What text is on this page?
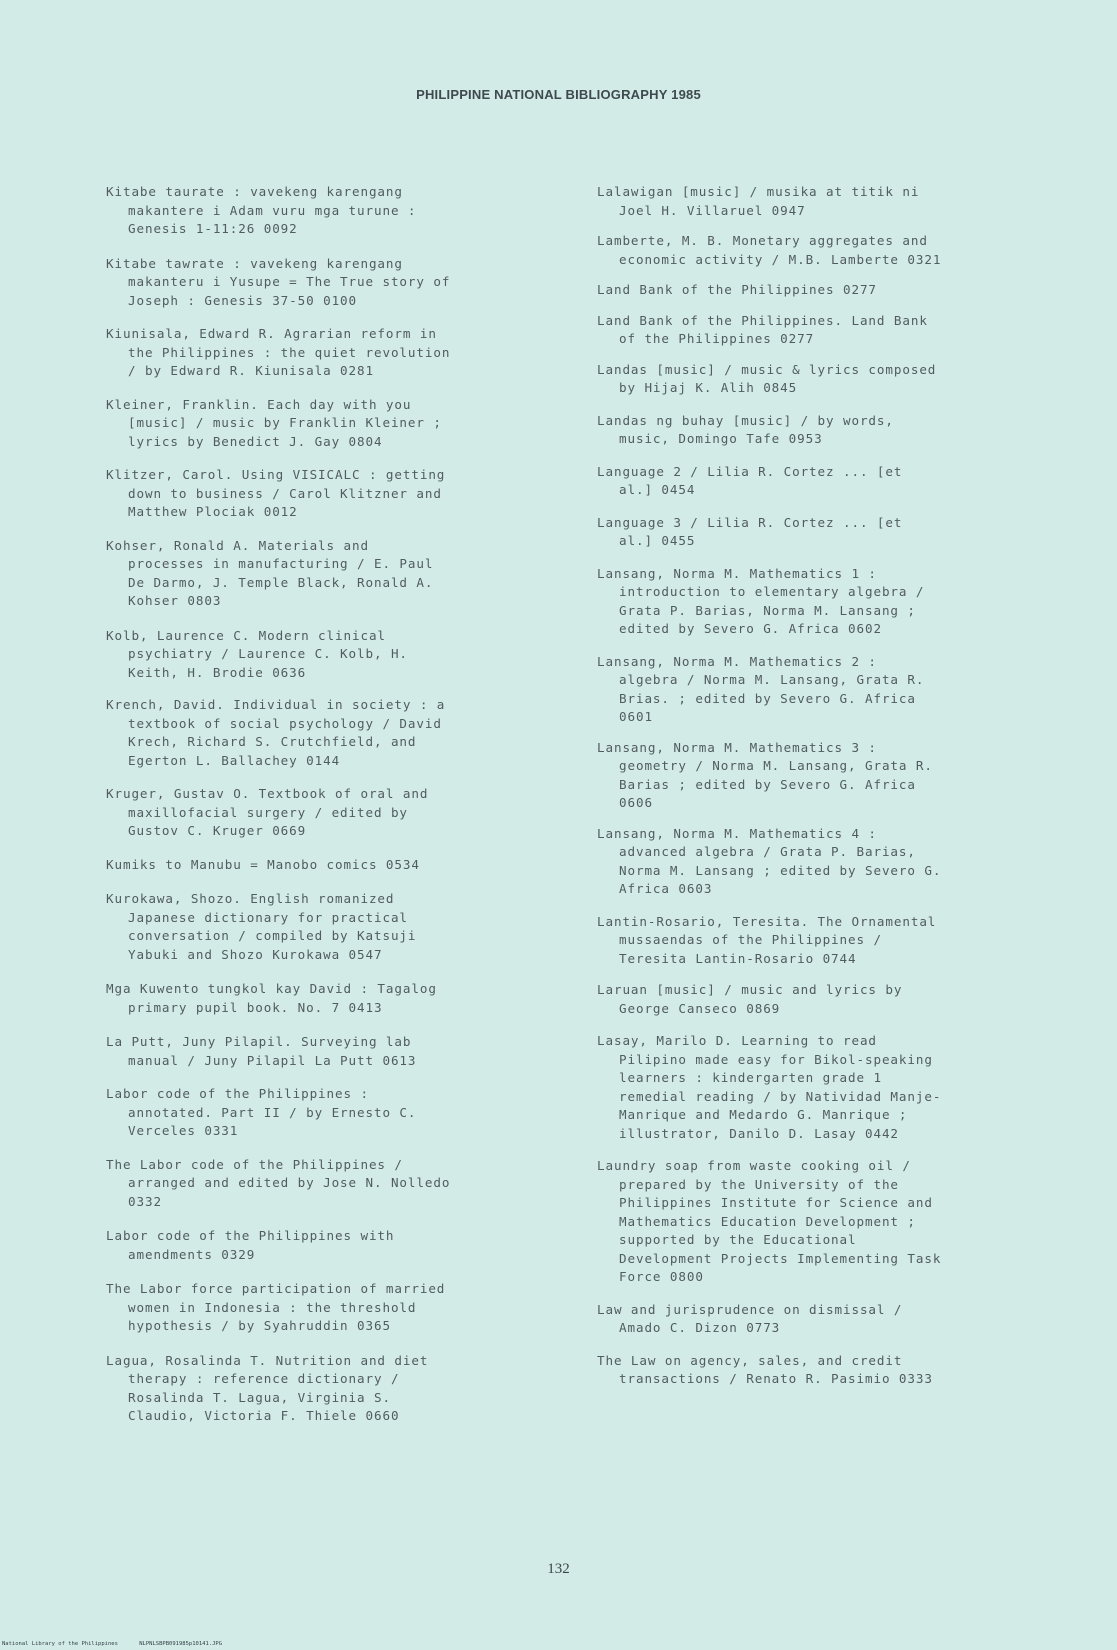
PHILIPPINE NATIONAL BIBLIOGRAPHY 1985

Kitabe taurate : vavekeng karengang
makantere i Adam vuru mga turune :
Genesis 1-11:26 0092

Kitabe tawrate : vavekeng karengang
makanteru i Yusupe = The True story of
Joseph : Genesis 37-50 0100

Kiunisala, Edward R. Agrarian reform in
the Philippines : the quiet revolution
/ by Edward R. Kiunisala 0281

Kleiner, Franklin. Each day with you
[music] / music by Franklin Kleiner ;
lyrics by Benedict J. Gay 0804

Klitzer, Carol. Using VISICALC : getting
down to business / Carol Klitzner and
Matthew Plociak 0012

Kohser, Ronald A. Materials and
processes in manufacturing / E. Paul
De Darmo, J. Temple Black, Ronald A.
Kohser 0803

Kolb, Laurence C. Modern clinical
psychiatry / Laurence C. Kolb, H.
Keith, H. Brodie 0636

Krench, David. Individual in society : a
textbook of social psychology / David
Krech, Richard S. Crutchfield, and
Egerton L. Ballachey 0144

Kruger, Gustav O. Textbook of oral and
maxillofacial surgery / edited by
Gustov C. Kruger 0669

Kumiks to Manubu = Manobo comics 0534

Kurokawa, Shozo. English romanized
Japanese dictionary for practical
conversation / compiled by Katsuji
Yabuki and Shozo Kurokawa 0547

Mga Kuwento tungkol kay David : Tagalog
primary pupil book. No. 7 0413

La Putt, Juny Pilapil. Surveying lab
manual / Juny Pilapil La Putt 0613

Labor code of the Philippines :
annotated. Part II / by Ernesto C.
Verceles 0331

The Labor code of the Philippines /
arranged and edited by Jose N. Nolledo
0332

Labor code of the Philippines with
amendments 0329

The Labor force participation of married
women in Indonesia : the threshold
hypothesis / by Syahruddin 0365

Lagua, Rosalinda T. Nutrition and diet
therapy : reference dictionary /
Rosalinda T. Lagua, Virginia S.
Claudio, Victoria F. Thiele 0660

Lalawigan [music] / musika at titik ni
Joel H. Villaruel 0947

Lamberte, M. B. Monetary aggregates and
economic activity / M.B. Lamberte 0321

Land Bank of the Philippines 0277

Land Bank of the Philippines. Land Bank
of the Philippines 0277

Landas [music] / music & lyrics composed
by Hijaj K. Alih 0845

Landas ng buhay [music] / by words,
music, Domingo Tafe 0953

Language 2 / Lilia R. Cortez ... [et
al.] 0454

Language 3 / Lilia R. Cortez ... [et
al.] 0455

Lansang, Norma M. Mathematics 1 :
introduction to elementary algebra /
Grata P. Barias, Norma M. Lansang ;
edited by Severo G. Africa 0602

Lansang, Norma M. Mathematics 2 :
algebra / Norma M. Lansang, Grata R.
Brias. ; edited by Severo G. Africa
0601

Lansang, Norma M. Mathematics 3 :
geometry / Norma M. Lansang, Grata R.
Barias ; edited by Severo G. Africa
0606

Lansang, Norma M. Mathematics 4 :
advanced algebra / Grata P. Barias,
Norma M. Lansang ; edited by Severo G.
Africa 0603

Lantin-Rosario, Teresita. The Ornamental
mussaendas of the Philippines /
Teresita Lantin-Rosario 0744

Laruan [music] / music and lyrics by
George Canseco 0869

Lasay, Marilo D. Learning to read
Pilipino made easy for Bikol-speaking
learners : kindergarten grade 1
remedial reading / by Natividad Manje-
Manrique and Medardo G. Manrique ;
illustrator, Danilo D. Lasay 0442

Laundry soap from waste cooking oil /
prepared by the University of the
Philippines Institute for Science and
Mathematics Education Development ;
supported by the Educational
Development Projects Implementing Task
Force 0800

Law and jurisprudence on dismissal /
Amado C. Dizon 0773

The Law on agency, sales, and credit
transactions / Renato R. Pasimio 0333

132
National Library of the Philippines	NLPNLSBPB091985p10141.JPG
